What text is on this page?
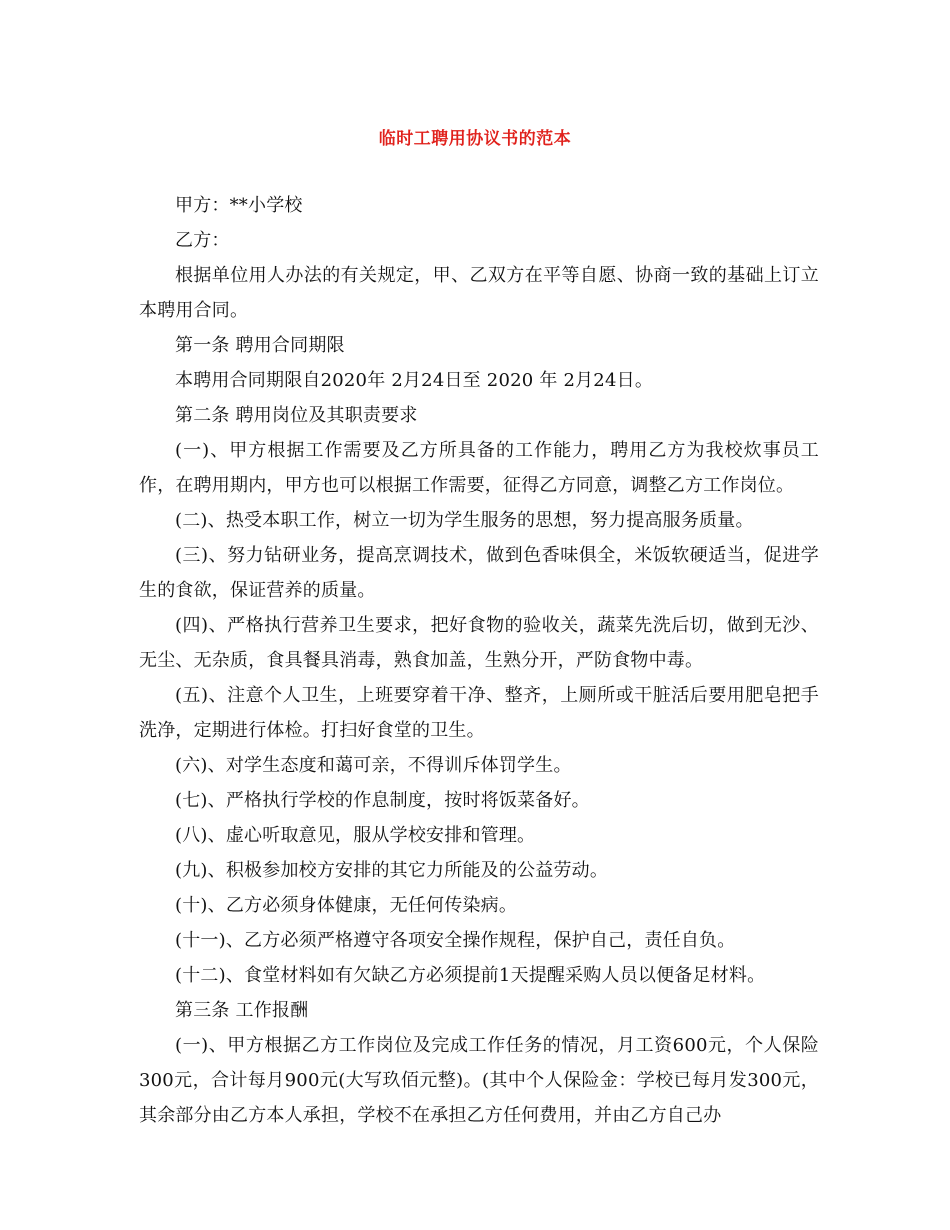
临时工聘用协议书的范本

甲方：**小学校

乙方：

根据单位用人办法的有关规定，甲、乙双方在平等自愿、协商一致的基础上订立本聘用合同。

第一条 聘用合同期限

本聘用合同期限自2020年 2月24日至 2020 年 2月24日。

第二条 聘用岗位及其职责要求

(一)、甲方根据工作需要及乙方所具备的工作能力，聘用乙方为我校炊事员工作，在聘用期内，甲方也可以根据工作需要，征得乙方同意，调整乙方工作岗位。

(二)、热受本职工作，树立一切为学生服务的思想，努力提高服务质量。

(三)、努力钻研业务，提高烹调技术，做到色香味俱全，米饭软硬适当，促进学生的食欲，保证营养的质量。

(四)、严格执行营养卫生要求，把好食物的验收关，蔬菜先洗后切，做到无沙、无尘、无杂质，食具餐具消毒，熟食加盖，生熟分开，严防食物中毒。

(五)、注意个人卫生，上班要穿着干净、整齐，上厕所或干脏活后要用肥皂把手洗净，定期进行体检。打扫好食堂的卫生。

(六)、对学生态度和蔼可亲，不得训斥体罚学生。

(七)、严格执行学校的作息制度，按时将饭菜备好。

(八)、虚心听取意见，服从学校安排和管理。

(九)、积极参加校方安排的其它力所能及的公益劳动。

(十)、乙方必须身体健康，无任何传染病。

(十一)、乙方必须严格遵守各项安全操作规程，保护自己，责任自负。

(十二)、食堂材料如有欠缺乙方必须提前1天提醒采购人员以便备足材料。

第三条 工作报酬

(一)、甲方根据乙方工作岗位及完成工作任务的情况，月工资600元，个人保险300元，合计每月900元(大写玖佰元整)。(其中个人保险金：学校已每月发300元，其余部分由乙方本人承担，学校不在承担乙方任何费用，并由乙方自己办
